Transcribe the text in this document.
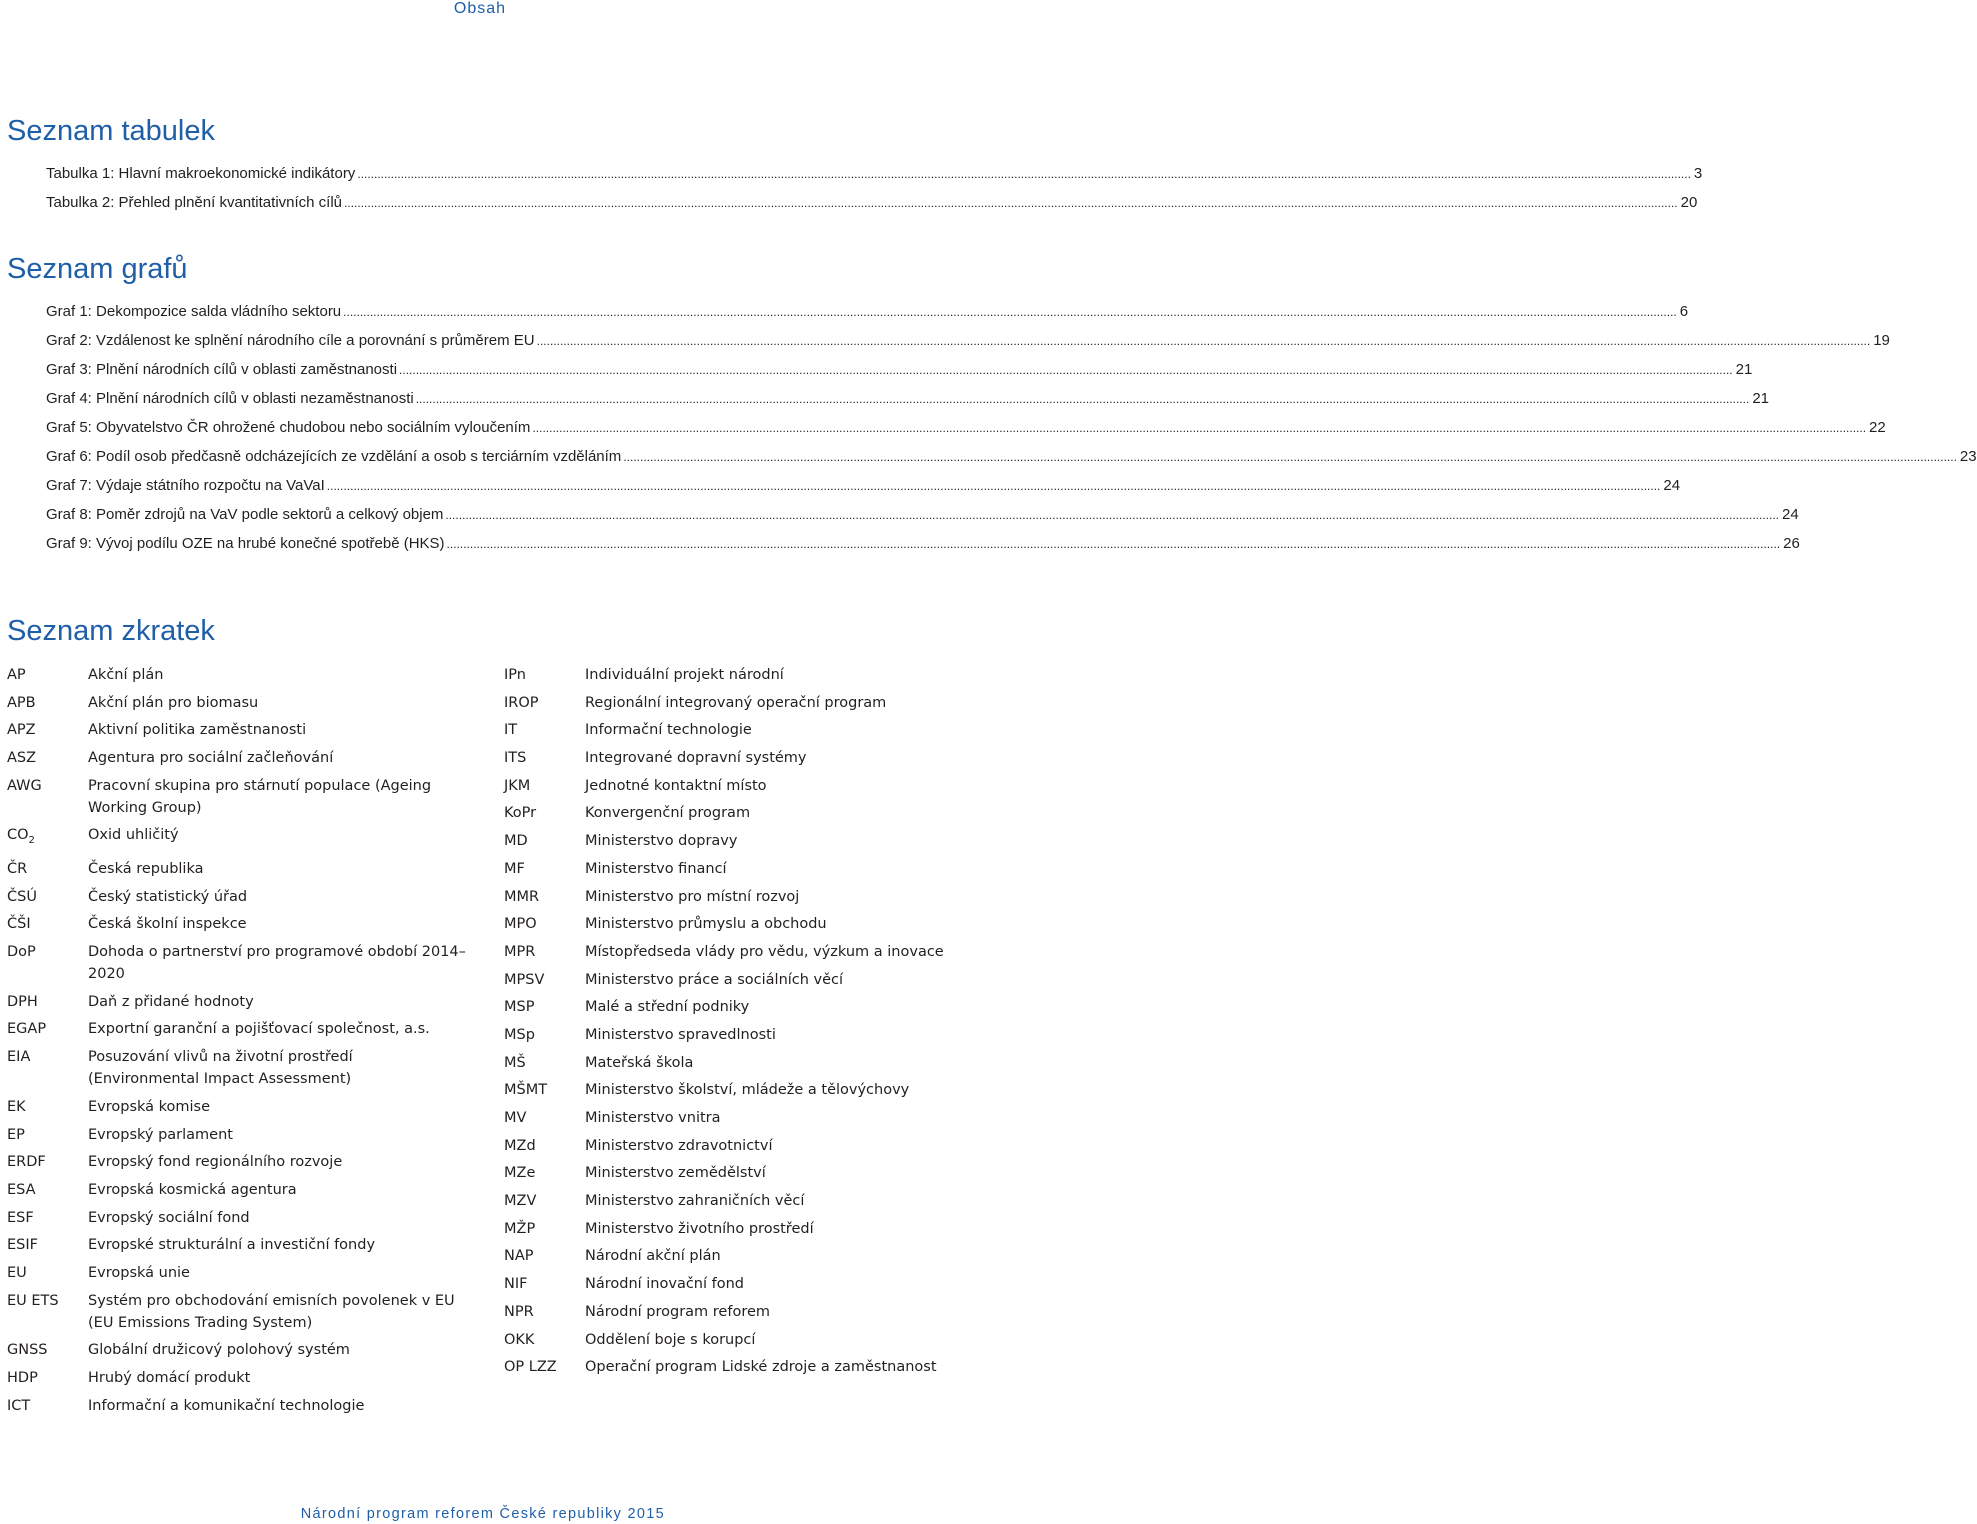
Obsah
Seznam tabulek
Tabulka 1: Hlavní makroekonomické indikátory ................................................................................................................................................................................................................................................................................................................................................................................................................ 3
Tabulka 2: Přehled plnění kvantitativních cílů ................................................................................................................................................................................................................................................................................................................................................................................................................ 20
Seznam grafů
Graf 1: Dekompozice salda vládního sektoru ................................................................................................................................................................................................................................................................................................................................................................................................................ 6
Graf 2: Vzdálenost ke splnění národního cíle a porovnání s průměrem EU ................................................................................................................................................................................................................................................................................................................................................................................................................ 19
Graf 3: Plnění národních cílů v oblasti zaměstnanosti ................................................................................................................................................................................................................................................................................................................................................................................................................ 21
Graf 4: Plnění národních cílů v oblasti nezaměstnanosti ................................................................................................................................................................................................................................................................................................................................................................................................................ 21
Graf 5: Obyvatelstvo ČR ohrožené chudobou nebo sociálním vyloučením ................................................................................................................................................................................................................................................................................................................................................................................................................ 22
Graf 6: Podíl osob předčasně odcházejících ze vzdělání a osob s terciárním vzděláním ................................................................................................................................................................................................................................................................................................................................................................................................................ 23
Graf 7: Výdaje státního rozpočtu na VaVaI ................................................................................................................................................................................................................................................................................................................................................................................................................ 24
Graf 8: Poměr zdrojů na VaV podle sektorů a celkový objem ................................................................................................................................................................................................................................................................................................................................................................................................................ 24
Graf 9: Vývoj podílu OZE na hrubé konečné spotřebě (HKS) ................................................................................................................................................................................................................................................................................................................................................................................................................ 26
Seznam zkratek
AP	Akční plán
APB	Akční plán pro biomasu
APZ	Aktivní politika zaměstnanosti
ASZ	Agentura pro sociální začleňování
AWG	Pracovní skupina pro stárnutí populace (Ageing Working Group)
$CO_2$	Oxid uhličitý
ČR	Česká republika
ČSÚ	Český statistický úřad
ČŠI	Česká školní inspekce
DoP	Dohoda o partnerství pro programové období 2014–2020
DPH	Daň z přidané hodnoty
EGAP	Exportní garanční a pojišťovací společnost, a.s.
EIA	Posuzování vlivů na životní prostředí (Environmental Impact Assessment)
EK	Evropská komise
EP	Evropský parlament
ERDF	Evropský fond regionálního rozvoje
ESA	Evropská kosmická agentura
ESF	Evropský sociální fond
ESIF	Evropské strukturální a investiční fondy
EU	Evropská unie
EU ETS	Systém pro obchodování emisních povolenek v EU (EU Emissions Trading System)
GNSS	Globální družicový polohový systém
HDP	Hrubý domácí produkt
ICT	Informační a komunikační technologie
IPn	Individuální projekt národní
IROP	Regionální integrovaný operační program
IT	Informační technologie
ITS	Integrované dopravní systémy
JKM	Jednotné kontaktní místo
KoPr	Konvergenční program
MD	Ministerstvo dopravy
MF	Ministerstvo financí
MMR	Ministerstvo pro místní rozvoj
MPO	Ministerstvo průmyslu a obchodu
MPR	Místopředseda vlády pro vědu, výzkum a inovace
MPSV	Ministerstvo práce a sociálních věcí
MSP	Malé a střední podniky
MSp	Ministerstvo spravedlnosti
MŠ	Mateřská škola
MŠMT	Ministerstvo školství, mládeže a tělovýchovy
MV	Ministerstvo vnitra
MZd	Ministerstvo zdravotnictví
MZe	Ministerstvo zemědělství
MZV	Ministerstvo zahraničních věcí
MŽP	Ministerstvo životního prostředí
NAP	Národní akční plán
NIF	Národní inovační fond
NPR	Národní program reforem
OKK	Oddělení boje s korupcí
OP LZZ	Operační program Lidské zdroje a zaměstnanost
Národní program reforem České republiky 2015
